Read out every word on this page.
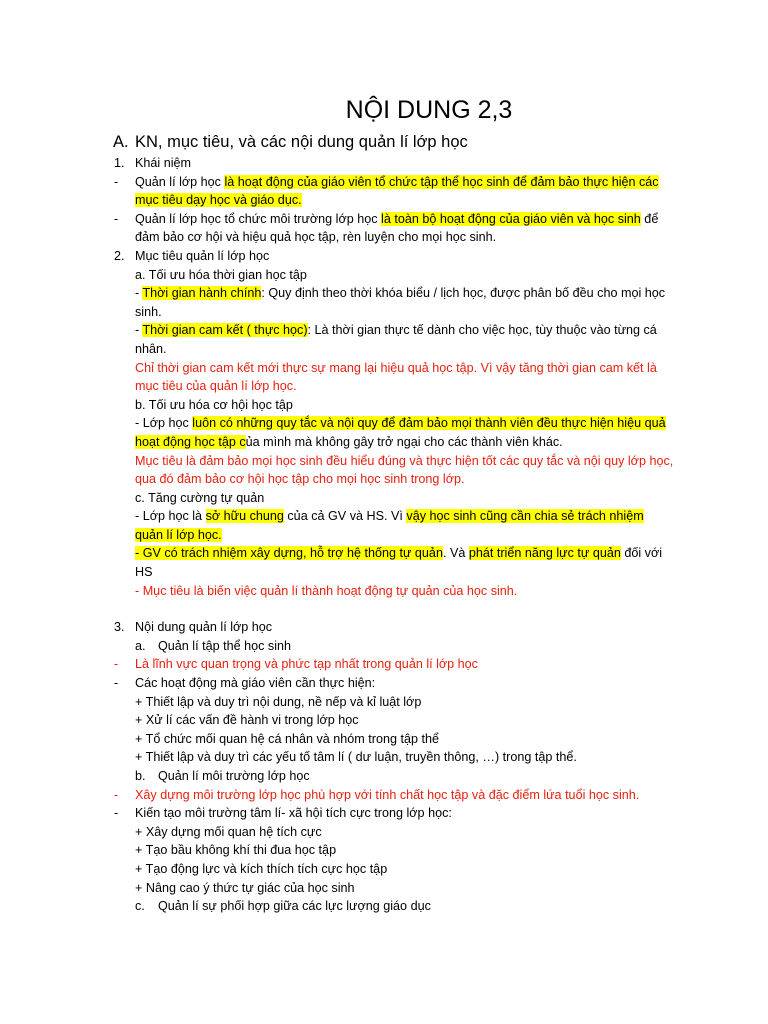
NỘI DUNG 2,3
A. KN, mục tiêu, và các nội dung quản lí lớp học
1. Khái niệm
- Quản lí lớp học là hoạt động của giáo viên tổ chức tập thể học sinh để đảm bảo thực hiện các mục tiêu dạy học và giáo dục.
- Quản lí lớp học tổ chức môi trường lớp học là toàn bộ hoạt động của giáo viên và học sinh để đảm bảo cơ hội và hiệu quả học tập, rèn luyện cho mọi học sinh.
2. Mục tiêu quản lí lớp học
a. Tối ưu hóa thời gian học tập
- Thời gian hành chính: Quy định theo thời khóa biểu / lịch học, được phân bố đều cho mọi học sinh.
- Thời gian cam kết ( thực học): Là thời gian thực tế dành cho việc học, tùy thuộc vào từng cá nhân.
Chỉ thời gian cam kết mới thực sự mang lại hiệu quả học tập. Vì vậy tăng thời gian cam kết là mục tiêu của quản lí lớp học.
b. Tối ưu hóa cơ hội học tập
- Lớp học luôn có những quy tắc và nội quy để đảm bảo mọi thành viên đều thực hiện hiệu quả hoạt động học tập của mình mà không gây trở ngại cho các thành viên khác.
Mục tiêu là đảm bảo mọi học sinh đều hiểu đúng và thực hiện tốt các quy tắc và nội quy lớp học, qua đó đảm bảo cơ hội học tập cho mọi học sinh trong lớp.
c. Tăng cường tự quản
- Lớp học là sở hữu chung của cả GV và HS. Vì vậy học sinh cũng cần chia sẻ trách nhiệm quản lí lớp học.
- GV có trách nhiệm xây dựng, hỗ trợ hệ thống tự quản. Và phát triển năng lực tự quản đối với HS
- Mục tiêu là biến việc quản lí thành hoạt động tự quản của học sinh.
3. Nội dung quản lí lớp học
a. Quản lí tập thể học sinh
- Là lĩnh vực quan trọng và phức tạp nhất trong quản lí lớp học
- Các hoạt động mà giáo viên cần thực hiện:
+ Thiết lập và duy trì nội dung, nề nếp và kỉ luật lớp
+ Xử lí các vấn đề hành vi trong lớp học
+ Tổ chức mối quan hệ cá nhân và nhóm trong tập thể
+ Thiết lập và duy trì các yếu tố tâm lí ( dư luận, truyền thông, …) trong tập thể.
b. Quản lí môi trường lớp học
- Xây dựng môi trường lớp học phù hợp với tính chất học tập và đặc điểm lứa tuổi học sinh.
- Kiến tạo môi trường tâm lí- xã hội tích cực trong lớp học:
+ Xây dựng mối quan hệ tích cực
+ Tạo bầu không khí thi đua học tập
+ Tạo động lực và kích thích tích cực học tập
+ Nâng cao ý thức tự giác của học sinh
c. Quản lí sự phối hợp giữa các lực lượng giáo dục
